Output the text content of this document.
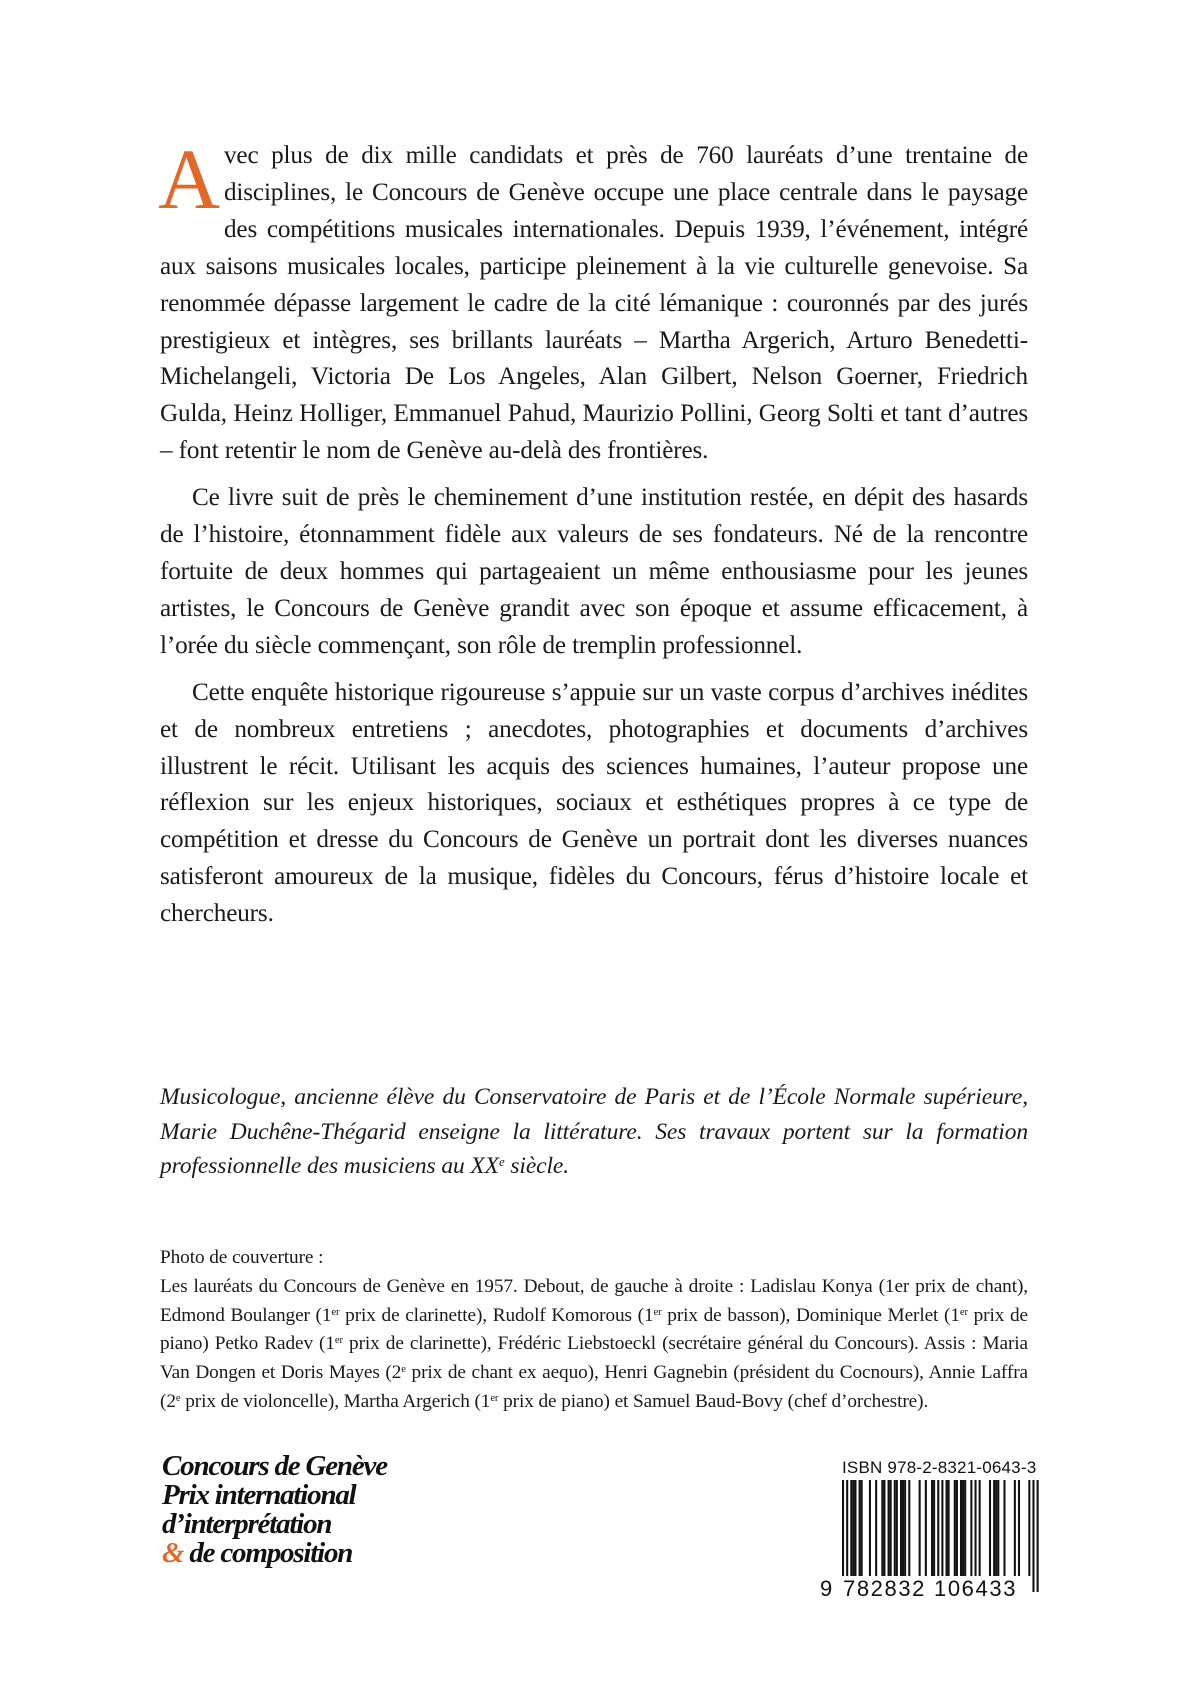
Avec plus de dix mille candidats et près de 760 lauréats d’une trentaine de disciplines, le Concours de Genève occupe une place centrale dans le paysage des compétitions musicales internationales. Depuis 1939, l’événement, intégré aux saisons musicales locales, participe pleinement à la vie culturelle genevoise. Sa renommée dépasse largement le cadre de la cité lémanique : couronnés par des jurés prestigieux et intègres, ses brillants lauréats – Martha Argerich, Arturo Benedetti-Michelangeli, Victoria De Los Angeles, Alan Gilbert, Nelson Goerner, Friedrich Gulda, Heinz Holliger, Emmanuel Pahud, Maurizio Pollini, Georg Solti et tant d’autres – font retentir le nom de Genève au-delà des frontières.

Ce livre suit de près le cheminement d’une institution restée, en dépit des hasards de l’histoire, étonnamment fidèle aux valeurs de ses fondateurs. Né de la rencontre fortuite de deux hommes qui partageaient un même enthousiasme pour les jeunes artistes, le Concours de Genève grandit avec son époque et assume efficacement, à l’orée du siècle commençant, son rôle de tremplin professionnel.

Cette enquête historique rigoureuse s’appuie sur un vaste corpus d’archives inédites et de nombreux entretiens ; anecdotes, photographies et documents d’archives illustrent le récit. Utilisant les acquis des sciences humaines, l’auteur propose une réflexion sur les enjeux historiques, sociaux et esthétiques propres à ce type de compétition et dresse du Concours de Genève un portrait dont les diverses nuances satisferont amoureux de la musique, fidèles du Concours, férus d’histoire locale et chercheurs.

Musicologue, ancienne élève du Conservatoire de Paris et de l’École Normale supérieure, Marie Duchêne-Thégarid enseigne la littérature. Ses travaux portent sur la formation professionnelle des musiciens au XXe siècle.

Photo de couverture :

Les lauréats du Concours de Genève en 1957. Debout, de gauche à droite : Ladislau Konya (1er prix de chant), Edmond Boulanger (1er prix de clarinette), Rudolf Komorous (1er prix de basson), Dominique Merlet (1er prix de piano) Petko Radev (1er prix de clarinette), Frédéric Liebstoeckl (secrétaire général du Concours). Assis : Maria Van Dongen et Doris Mayes (2e prix de chant ex aequo), Henri Gagnebin (président du Cocnours), Annie Laffra (2e prix de violoncelle), Martha Argerich (1er prix de piano) et Samuel Baud-Bovy (chef d’orchestre).

Concours de Genève
Prix international
d’interprétation
& de composition
ISBN 978-2-8321-0643-3
9 782832 106433
